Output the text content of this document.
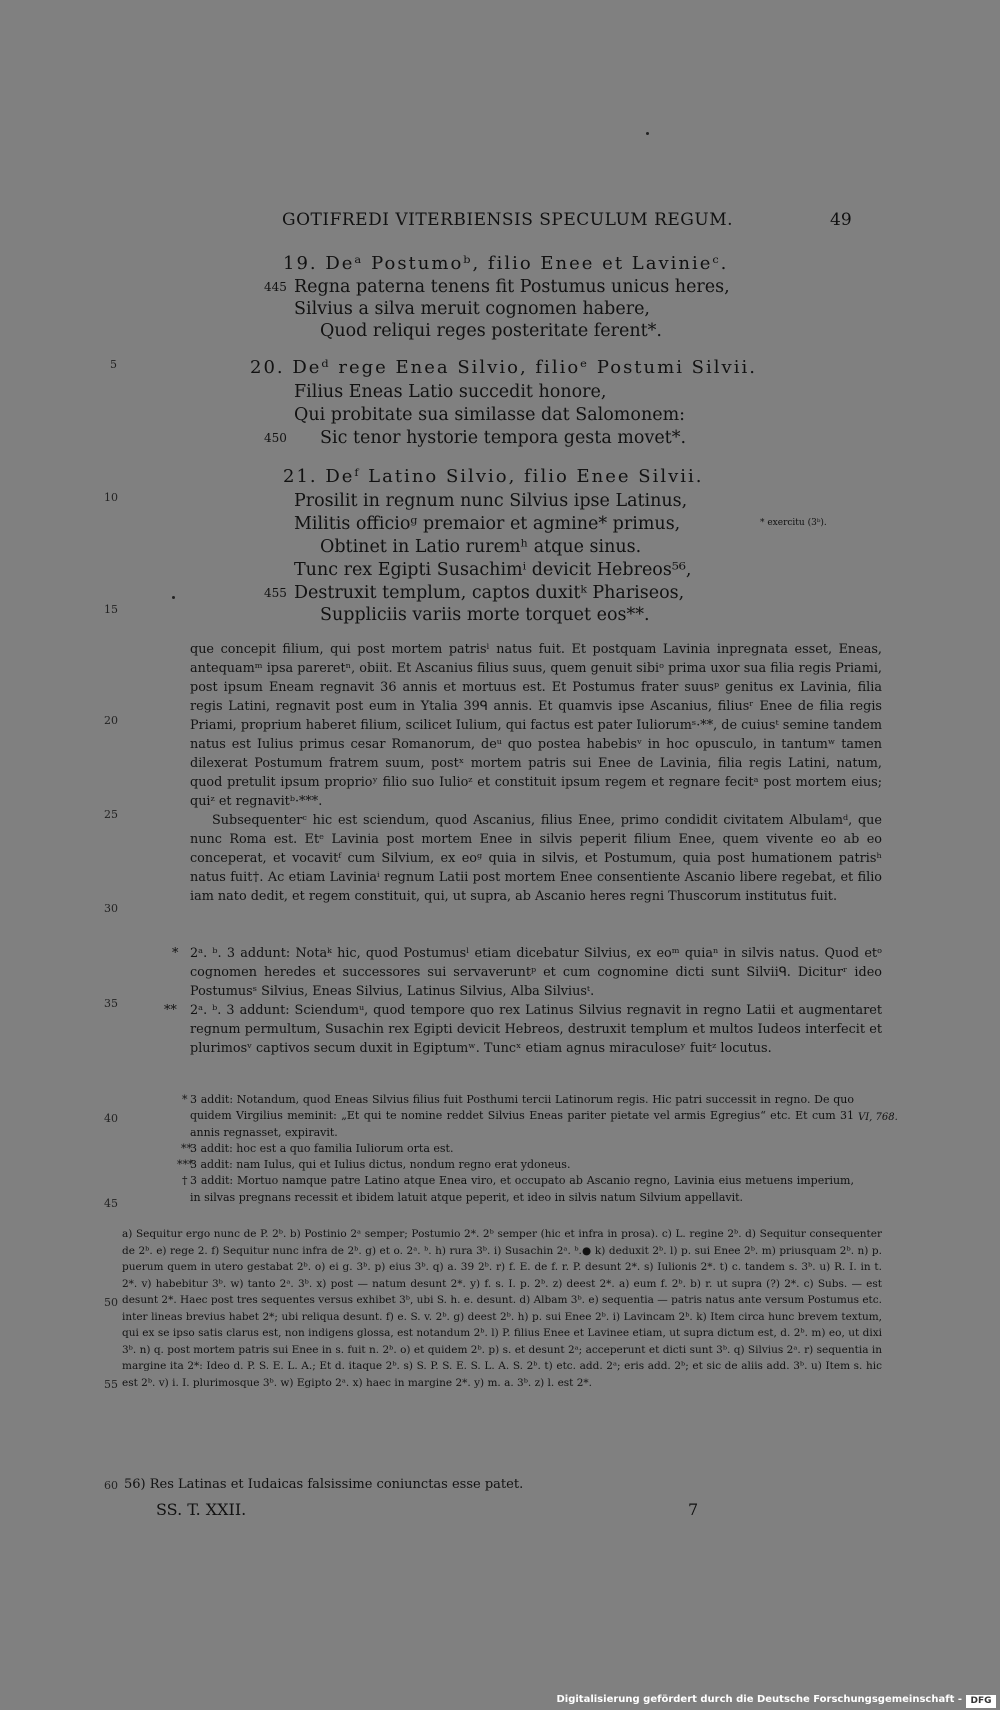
GOTIFREDI VITERBIENSIS SPECULUM REGUM.	49
5
10
15
20
25
30
35
40
45
50
55
60
19. Deᵃ Postumoᵇ, filio Enee et Lavinieᶜ.
Regna paterna tenens fit Postumus unicus heres,
445
Silvius a silva meruit cognomen habere,
Quod reliqui reges posteritate ferent*.
20. Deᵈ rege Enea Silvio, filioᵉ Postumi Silvii.
Filius Eneas Latio succedit honore,
Qui probitate sua similasse dat Salomonem:
Sic tenor hystorie tempora gesta movet*.
450
21. Deᶠ Latino Silvio, filio Enee Silvii.
Prosilit in regnum nunc Silvius ipse Latinus,
Militis officioᵍ premaior et agmine* primus,
Obtinet in Latio ruremʰ atque sinus.
Tunc rex Egipti Susachimⁱ devicit Hebreos⁵⁶,
Destruxit templum, captos duxitᵏ Phariseos,
455
Suppliciis variis morte torquet eos**.
* exercitu (3ᵇ).

que concepit filium, qui post mortem patrisˡ natus fuit. Et postquam Lavinia inpregnata esset, Eneas, antequamᵐ ipsa pareretⁿ, obiit. Et Ascanius filius suus, quem genuit sibiᵒ prima uxor sua filia regis Priami, post ipsum Eneam regnavit 36 annis et mortuus est. Et Postumus frater suusᵖ genitus ex Lavinia, filia regis Latini, regnavit post eum in Ytalia 39ᑫ annis. Et quamvis ipse Ascanius, filiusʳ Enee de filia regis Priami, proprium haberet filium, scilicet Iulium, qui factus est pater Iuliorumˢ·**, de cuiusᵗ semine tandem natus est Iulius primus cesar Romanorum, deᵘ quo postea habebisᵛ in hoc opusculo, in tantumʷ tamen dilexerat Postumum fratrem suum, postˣ mortem patris sui Enee de Lavinia, filia regis Latini, natum, quod pretulit ipsum proprioʸ filio suo Iulioᶻ et constituit ipsum regem et regnare fecitᵃ post mortem eius; quiᶻ et regnavitᵇ·***.

Subsequenterᶜ hic est sciendum, quod Ascanius, filius Enee, primo condidit civitatem Albulamᵈ, que nunc Roma est. Etᵉ Lavinia post mortem Enee in silvis peperit filium Enee, quem vivente eo ab eo conceperat, et vocavitᶠ cum Silvium, ex eoᵍ quia in silvis, et Postumum, quia post humationem patrisʰ natus fuit†. Ac etiam Laviniaⁱ regnum Latii post mortem Enee consentiente Ascanio libere regebat, et filio iam nato dedit, et regem constituit, qui, ut supra, ab Ascanio heres regni Thuscorum institutus fuit.

* 2ᵃ. ᵇ. 3 addunt: Notaᵏ hic, quod Postumusˡ etiam dicebatur Silvius, ex eoᵐ quiaⁿ in silvis natus. Quod etᵒ cognomen heredes et successores sui servaveruntᵖ et cum cognomine dicti sunt Silviiᑫ. Diciturʳ ideo Postumusˢ Silvius, Eneas Silvius, Latinus Silvius, Alba Silviusᵗ.

** 2ᵃ. ᵇ. 3 addunt: Sciendumᵘ, quod tempore quo rex Latinus Silvius regnavit in regno Latii et augmentaret regnum permultum, Susachin rex Egipti devicit Hebreos, destruxit templum et multos Iudeos interfecit et plurimosᵛ captivos secum duxit in Egiptumʷ. Tuncˣ etiam agnus miraculoseʸ fuitᶻ locutus.

* 3 addit: Notandum, quod Eneas Silvius filius fuit Posthumi tercii Latinorum regis. Hic patri successit in regno. De quo quidem Virgilius meminit: „Et qui te nomine reddet Silvius Eneas pariter pietate vel armis Egregius“ etc. Et cum 31 annis regnasset, expiravit.

**

3 addit: hoc est a quo familia Iuliorum orta est.

***

3 addit: nam Iulus, qui et Iulius dictus, nondum regno erat ydoneus.

† 3 addit: Mortuo namque patre Latino atque Enea viro, et occupato ab Ascanio regno, Lavinia eius metuens imperium, in silvas pregnans recessit et ibidem latuit atque peperit, et ideo in silvis natum Silvium appellavit.

VI, 768.
a) Sequitur ergo nunc de P. 2ᵇ. b) Postinio 2ᵃ semper; Postumio 2*. 2ᵇ semper (hic et infra in prosa). c) L. regine 2ᵇ. d) Sequitur consequenter de 2ᵇ. e) rege 2. f) Sequitur nunc infra de 2ᵇ. g) et o. 2ᵃ. ᵇ. h) rura 3ᵇ. i) Susachin 2ᵃ. ᵇ.● k) deduxit 2ᵇ. l) p. sui Enee 2ᵇ. m) priusquam 2ᵇ. n) p. puerum quem in utero gestabat 2ᵇ. o) ei g. 3ᵇ. p) eius 3ᵇ. q) a. 39 2ᵇ. r) f. E. de f. r. P. desunt 2*. s) Iulionis 2*. t) c. tandem s. 3ᵇ. u) R. I. in t. 2*. v) habebitur 3ᵇ. w) tanto 2ᵃ. 3ᵇ. x) post — natum desunt 2*. y) f. s. I. p. 2ᵇ. z) deest 2*. a) eum f. 2ᵇ. b) r. ut supra (?) 2*. c) Subs. — est desunt 2*. Haec post tres sequentes versus exhibet 3ᵇ, ubi S. h. e. desunt. d) Albam 3ᵇ. e) sequentia — patris natus ante versum Postumus etc. inter lineas brevius habet 2*; ubi reliqua desunt. f) e. S. v. 2ᵇ. g) deest 2ᵇ. h) p. sui Enee 2ᵇ. i) Lavincam 2ᵇ. k) Item circa hunc brevem textum, qui ex se ipso satis clarus est, non indigens glossa, est notandum 2ᵇ. l) P. filius Enee et Lavinee etiam, ut supra dictum est, d. 2ᵇ. m) eo, ut dixi 3ᵇ. n) q. post mortem patris sui Enee in s. fuit n. 2ᵇ. o) et quidem 2ᵇ. p) s. et desunt 2ᵃ; acceperunt et dicti sunt 3ᵇ. q) Silvius 2ᵃ. r) sequentia in margine ita 2*: Ideo d. P. S. E. L. A.; Et d. itaque 2ᵇ. s) S. P. S. E. S. L. A. S. 2ᵇ. t) etc. add. 2ᵃ; eris add. 2ᵇ; et sic de aliis add. 3ᵇ. u) Item s. hic est 2ᵇ. v) i. I. plurimosque 3ᵇ. w) Egipto 2ᵃ. x) haec in margine 2*. y) m. a. 3ᵇ. z) l. est 2*.
56) Res Latinas et Iudaicas falsissime coniunctas esse patet.
SS. T. XXII.	7
Digitalisierung gefördert durch die Deutsche Forschungsgemeinschaft - DFG
